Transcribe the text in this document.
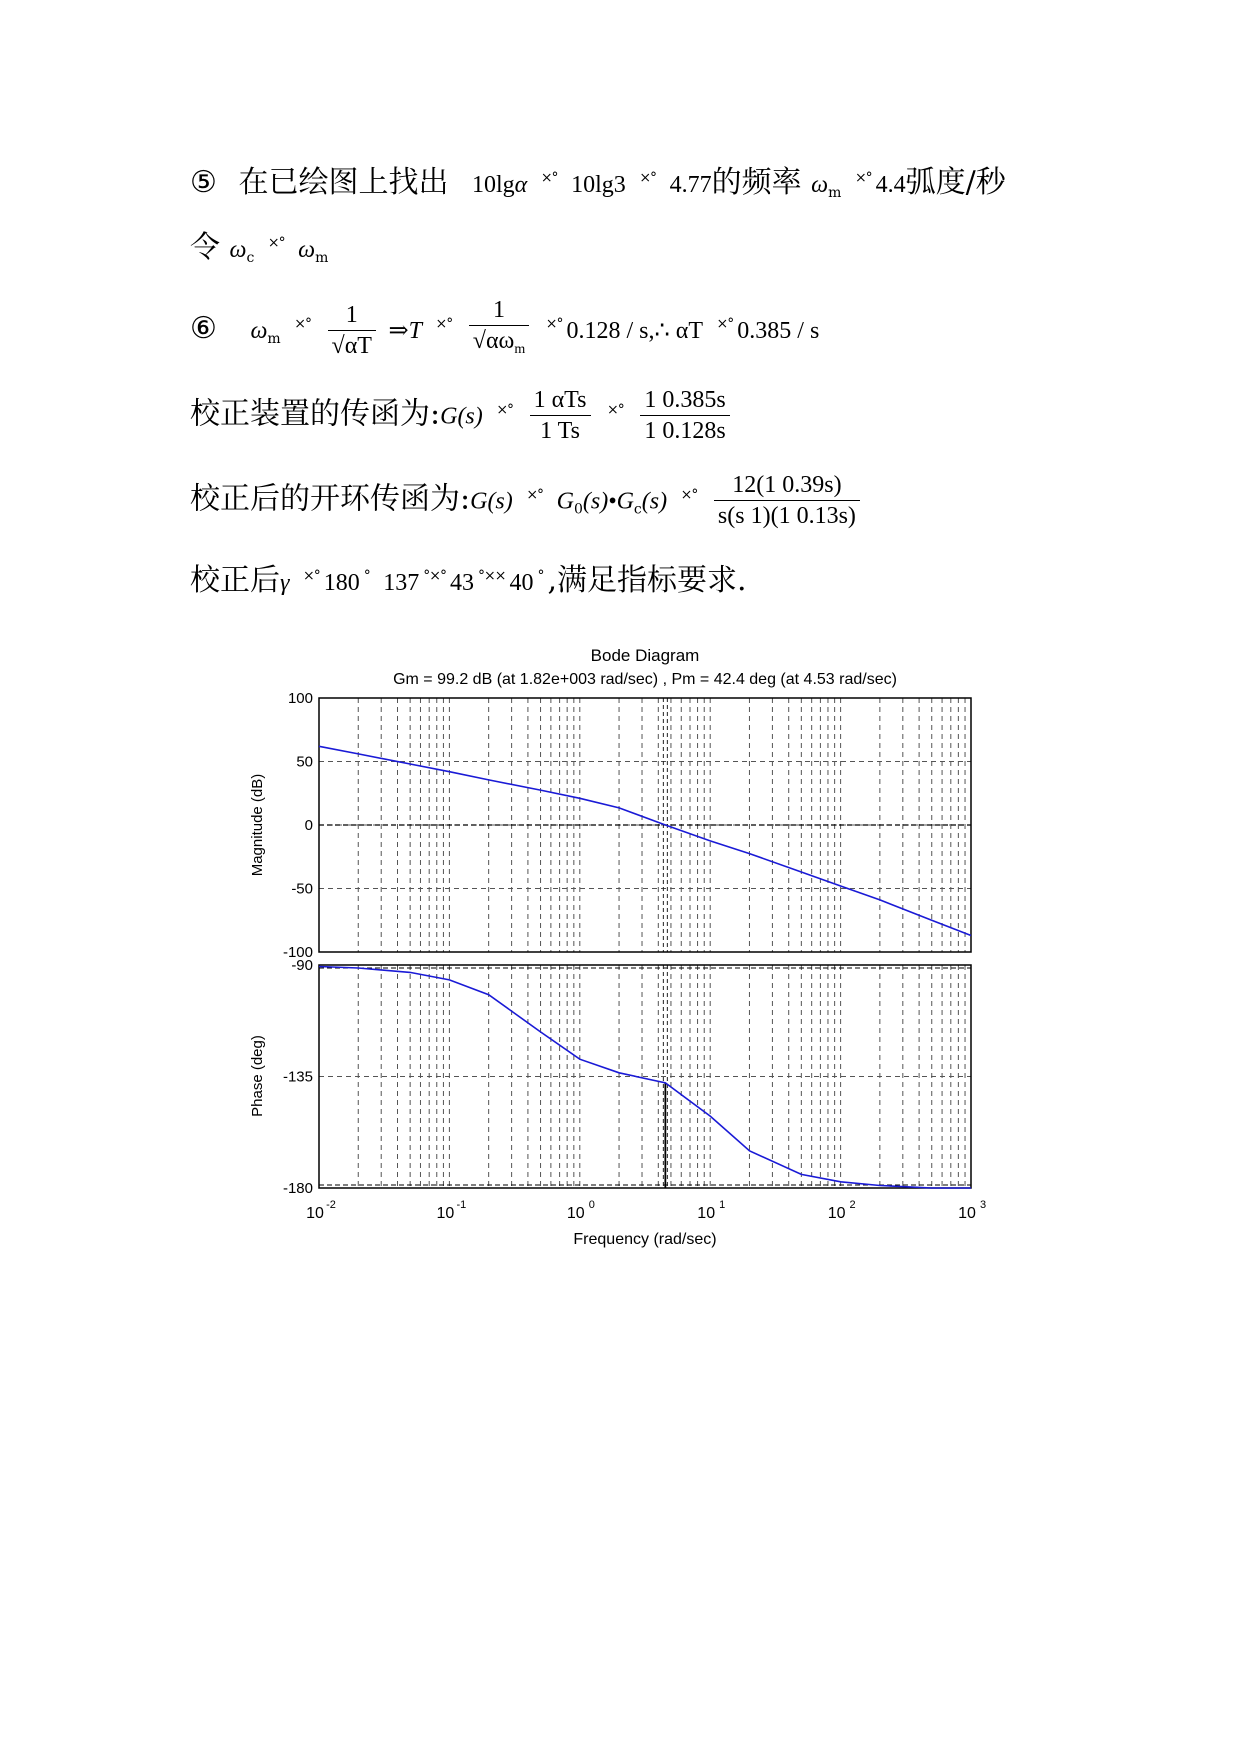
⑤ 在已绘图上找出 10lgα ×° 10lg3 ×° 4.77的频率 $\omega_m$ ×° 4.4弧度/秒
令 $\omega_c$ ×° $\omega_m$
⑥ $\omega_m$ $^{\times^\circ} \frac{1}{√\alpha T}$ ⇒T $^{\times^\circ} \frac{1}{√\alpha\omega_m} ^{\times^\circ}$ 0.128 / s,∴ αT ×° 0.385 / s
校正装置的传函为:G(s) $^{\times^\circ} \frac{\text{1 αTs}}{1 Ts} ^{\times^\circ} \frac{1 0.385s}{1 0.128s}$
校正后的开环传函为:G(s) ×° $G_0(s)•G_c(s)$ $^{\times^\circ} \frac{12(1 0.39s)}{s(s 1)(1 0.13s)}$
校正后γ ×° 180 ° 137 °×° 43 °×× 40 ° ,满足指标要求.
Bode Diagram
Gm = 99.2 dB (at 1.82e+003 rad/sec) , Pm = 42.4 deg (at 4.53 rad/sec)
100
50
0
-50
-100
Magnitude (dB)
-90
-135
-180
Phase (deg)
10 -2	10 -1	10 0	10 1	10 2	10 3
Frequency (rad/sec)
